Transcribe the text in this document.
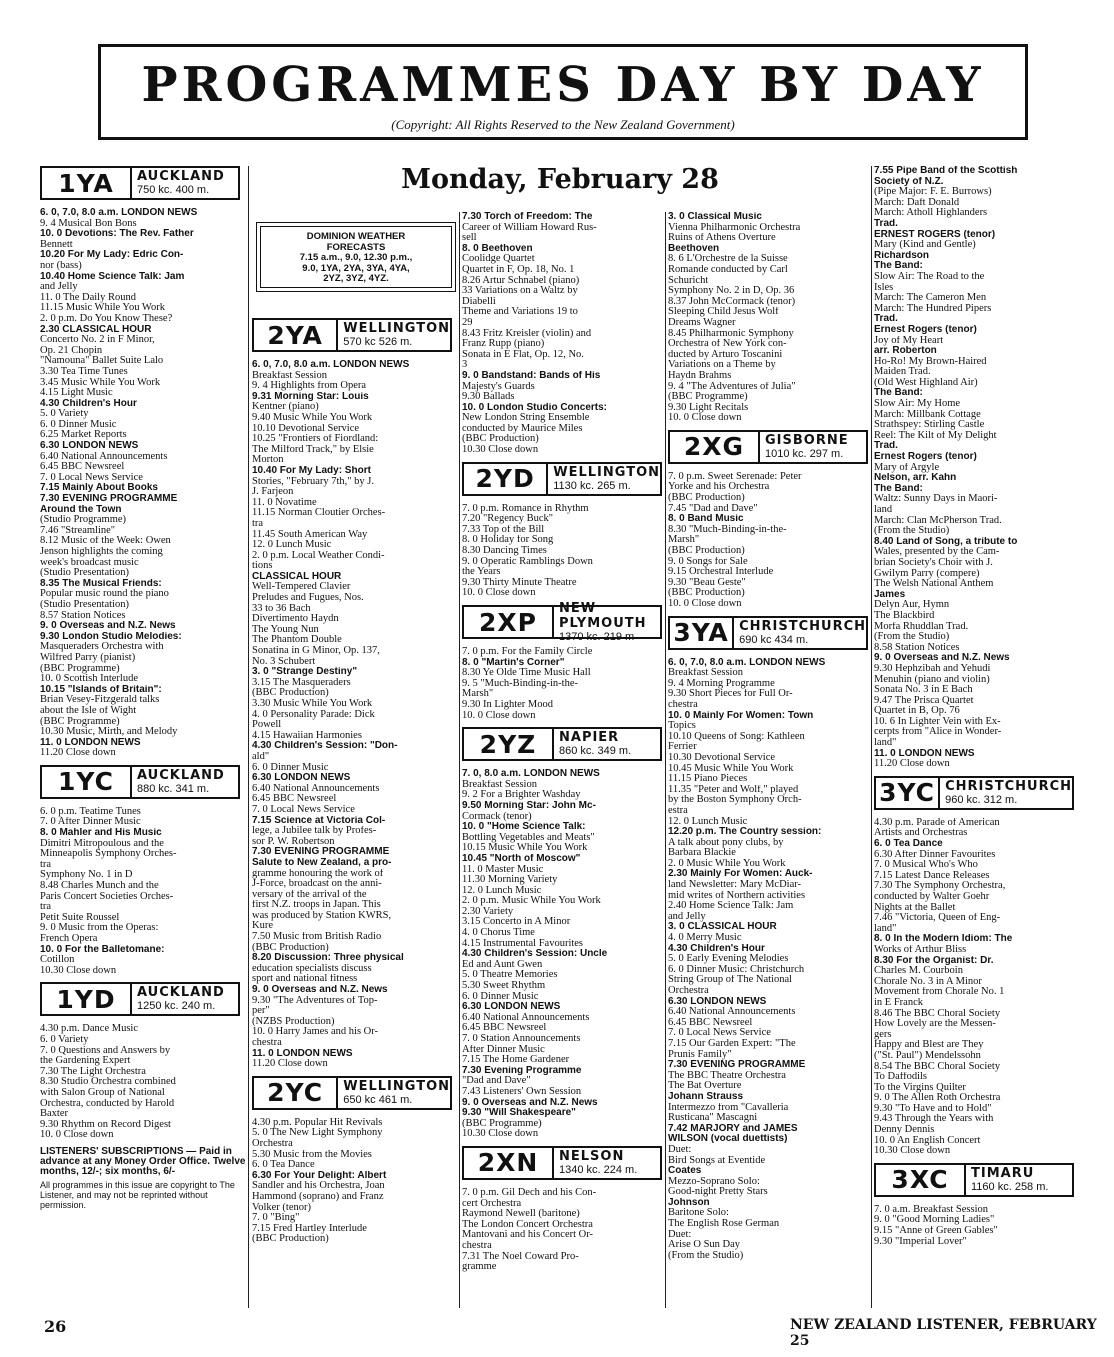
PROGRAMMES DAY BY DAY
(Copyright: All Rights Reserved to the New Zealand Government)
Monday, February 28
DOMINION WEATHER
FORECASTS
7.15 a.m., 9.0, 12.30 p.m.,
9.0, 1YA, 2YA, 3YA, 4YA,
2YZ, 3YZ, 4YZ.
1YA	AUCKLAND
750 kc. 400 m.
6. 0, 7.0, 8.0 a.m. LONDON NEWS
9. 4 Musical Bon Bons
10. 0 Devotions: The Rev. Father
Bennett
10.20 For My Lady: Edric Con-
nor (bass)
10.40 Home Science Talk: Jam
and Jelly
11. 0 The Daily Round
11.15 Music While You Work
2. 0 p.m. Do You Know These?
2.30 CLASSICAL HOUR
Concerto No. 2 in F Minor,
Op. 21 Chopin
"Namouna" Ballet Suite Lalo
3.30 Tea Time Tunes
3.45 Music While You Work
4.15 Light Music
4.30 Children's Hour
5. 0 Variety
6. 0 Dinner Music
6.25 Market Reports
6.30 LONDON NEWS
6.40 National Announcements
6.45 BBC Newsreel
7. 0 Local News Service
7.15 Mainly About Books
7.30 EVENING PROGRAMME
Around the Town
(Studio Programme)
7.46 "Streamline"
8.12 Music of the Week: Owen
Jenson highlights the coming
week's broadcast music
(Studio Presentation)
8.35 The Musical Friends:
Popular music round the piano
(Studio Presentation)
8.57 Station Notices
9. 0 Overseas and N.Z. News
9.30 London Studio Melodies:
Masqueraders Orchestra with
Wilfred Parry (pianist)
(BBC Programme)
10. 0 Scottish Interlude
10.15 "Islands of Britain":
Brian Vesey-Fitzgerald talks
about the Isle of Wight
(BBC Programme)
10.30 Music, Mirth, and Melody
11. 0 LONDON NEWS
11.20 Close down
1YC	AUCKLAND
880 kc. 341 m.
6. 0 p.m. Teatime Tunes
7. 0 After Dinner Music
8. 0 Mahler and His Music
Dimitri Mitropoulous and the
Minneapolis Symphony Orches-
tra
Symphony No. 1 in D
8.48 Charles Munch and the
Paris Concert Societies Orches-
tra
Petit Suite Roussel
9. 0 Music from the Operas:
French Opera
10. 0 For the Balletomane:
Cotillon
10.30 Close down
1YD	AUCKLAND
1250 kc. 240 m.
4.30 p.m. Dance Music
6. 0 Variety
7. 0 Questions and Answers by
the Gardening Expert
7.30 The Light Orchestra
8.30 Studio Orchestra combined
with Salon Group of National
Orchestra, conducted by Harold
Baxter
9.30 Rhythm on Record Digest
10. 0 Close down
LISTENERS' SUBSCRIPTIONS — Paid in advance at any Money Order Office. Twelve months, 12/-; six months, 6/-
All programmes in this issue are copyright to The Listener, and may not be reprinted without permission.
2YA	WELLINGTON
570 kc 526 m.
6. 0, 7.0, 8.0 a.m. LONDON NEWS
Breakfast Session
9. 4 Highlights from Opera
9.31 Morning Star: Louis
Kentner (piano)
9.40 Music While You Work
10.10 Devotional Service
10.25 "Frontiers of Fiordland:
The Milford Track," by Elsie
Morton
10.40 For My Lady: Short
Stories, "February 7th," by J.
J. Farjeon
11. 0 Novatime
11.15 Norman Cloutier Orches-
tra
11.45 South American Way
12. 0 Lunch Music
2. 0 p.m. Local Weather Condi-
tions
CLASSICAL HOUR
Well-Tempered Clavier
Preludes and Fugues, Nos.
33 to 36 Bach
Divertimento Haydn
The Young Nun
The Phantom Double
Sonatina in G Minor, Op. 137,
No. 3 Schubert
3. 0 "Strange Destiny"
3.15 The Masqueraders
(BBC Production)
3.30 Music While You Work
4. 0 Personality Parade: Dick
Powell
4.15 Hawaiian Harmonies
4.30 Children's Session: "Don-
ald"
6. 0 Dinner Music
6.30 LONDON NEWS
6.40 National Announcements
6.45 BBC Newsreel
7. 0 Local News Service
7.15 Science at Victoria Col-
lege, a Jubilee talk by Profes-
sor P. W. Robertson
7.30 EVENING PROGRAMME
Salute to New Zealand, a pro-
gramme honouring the work of
J-Force, broadcast on the anni-
versary of the arrival of the
first N.Z. troops in Japan. This
was produced by Station KWRS,
Kure
7.50 Music from British Radio
(BBC Production)
8.20 Discussion: Three physical
education specialists discuss
sport and national fitness
9. 0 Overseas and N.Z. News
9.30 "The Adventures of Top-
per"
(NZBS Production)
10. 0 Harry James and his Or-
chestra
11. 0 LONDON NEWS
11.20 Close down
2YC	WELLINGTON
650 kc 461 m.
4.30 p.m. Popular Hit Revivals
5. 0 The New Light Symphony
Orchestra
5.30 Music from the Movies
6. 0 Tea Dance
6.30 For Your Delight: Albert
Sandler and his Orchestra, Joan
Hammond (soprano) and Franz
Volker (tenor)
7. 0 "Bing"
7.15 Fred Hartley Interlude
(BBC Production)
7.30 Torch of Freedom: The
Career of William Howard Rus-
sell
8. 0 Beethoven
Coolidge Quartet
Quartet in F, Op. 18, No. 1
8.26 Artur Schnabel (piano)
33 Variations on a Waltz by
Diabelli
Theme and Variations 19 to
29
8.43 Fritz Kreisler (violin) and
Franz Rupp (piano)
Sonata in E Flat, Op. 12, No.
3
9. 0 Bandstand: Bands of His
Majesty's Guards
9.30 Ballads
10. 0 London Studio Concerts:
New London String Ensemble
conducted by Maurice Miles
(BBC Production)
10.30 Close down
2YD	WELLINGTON
1130 kc. 265 m.
7. 0 p.m. Romance in Rhythm
7.20 "Regency Buck"
7.33 Top of the Bill
8. 0 Holiday for Song
8.30 Dancing Times
9. 0 Operatic Ramblings Down
the Years
9.30 Thirty Minute Theatre
10. 0 Close down
2XP	NEW PLYMOUTH
1370 kc. 219 m
7. 0 p.m. For the Family Circle
8. 0 "Martin's Corner"
8.30 Ye Olde Time Music Hall
9. 5 "Much-Binding-in-the-
Marsh"
9.30 In Lighter Mood
10. 0 Close down
2YZ	NAPIER
860 kc. 349 m.
7. 0, 8.0 a.m. LONDON NEWS
Breakfast Session
9. 2 For a Brighter Washday
9.50 Morning Star: John Mc-
Cormack (tenor)
10. 0 "Home Science Talk:
Bottling Vegetables and Meats"
10.15 Music While You Work
10.45 "North of Moscow"
11. 0 Master Music
11.30 Morning Variety
12. 0 Lunch Music
2. 0 p.m. Music While You Work
2.30 Variety
3.15 Concerto in A Minor
4. 0 Chorus Time
4.15 Instrumental Favourites
4.30 Children's Session: Uncle
Ed and Aunt Gwen
5. 0 Theatre Memories
5.30 Sweet Rhythm
6. 0 Dinner Music
6.30 LONDON NEWS
6.40 National Announcements
6.45 BBC Newsreel
7. 0 Station Announcements
After Dinner Music
7.15 The Home Gardener
7.30 Evening Programme
"Dad and Dave"
7.43 Listeners' Own Session
9. 0 Overseas and N.Z. News
9.30 "Will Shakespeare"
(BBC Programme)
10.30 Close down
2XN	NELSON
1340 kc. 224 m.
7. 0 p.m. Gil Dech and his Con-
cert Orchestra
Raymond Newell (baritone)
The London Concert Orchestra
Mantovani and his Concert Or-
chestra
7.31 The Noel Coward Pro-
gramme
3. 0 Classical Music
Vienna Philharmonic Orchestra
Ruins of Athens Overture
Beethoven
8. 6 L'Orchestre de la Suisse
Romande conducted by Carl
Schuricht
Symphony No. 2 in D, Op. 36
8.37 John McCormack (tenor)
Sleeping Child Jesus Wolf
Dreams Wagner
8.45 Philharmonic Symphony
Orchestra of New York con-
ducted by Arturo Toscanini
Variations on a Theme by
Haydn Brahms
9. 4 "The Adventures of Julia"
(BBC Programme)
9.30 Light Recitals
10. 0 Close down
2XG	GISBORNE
1010 kc. 297 m.
7. 0 p.m. Sweet Serenade: Peter
Yorke and his Orchestra
(BBC Production)
7.45 "Dad and Dave"
8. 0 Band Music
8.30 "Much-Binding-in-the-
Marsh"
(BBC Production)
9. 0 Songs for Sale
9.15 Orchestral Interlude
9.30 "Beau Geste"
(BBC Production)
10. 0 Close down
3YA CHRISTCHURCH
690 kc 434 m.
6. 0, 7.0, 8.0 a.m. LONDON NEWS
Breakfast Session
9. 4 Morning Programme
9.30 Short Pieces for Full Or-
chestra
10. 0 Mainly For Women: Town
Topics
10.10 Queens of Song: Kathleen
Ferrier
10.30 Devotional Service
10.45 Music While You Work
11.15 Piano Pieces
11.35 "Peter and Wolf," played
by the Boston Symphony Orch-
estra
12. 0 Lunch Music
12.20 p.m. The Country session:
A talk about pony clubs, by
Barbara Blackie
2. 0 Music While You Work
2.30 Mainly For Women: Auck-
land Newsletter: Mary McDiar-
mid writes of Northern activities
2.40 Home Science Talk: Jam
and Jelly
3. 0 CLASSICAL HOUR
4. 0 Merry Music
4.30 Children's Hour
5. 0 Early Evening Melodies
6. 0 Dinner Music: Christchurch
String Group of The National
Orchestra
6.30 LONDON NEWS
6.40 National Announcements
6.45 BBC Newsreel
7. 0 Local News Service
7.15 Our Garden Expert: "The
Prunis Family"
7.30 EVENING PROGRAMME
The BBC Theatre Orchestra
The Bat Overture
Johann Strauss
Intermezzo from "Cavalleria
Rusticana" Mascagni
7.42 MARJORY and JAMES
WILSON (vocal duettists)
Duet:
Bird Songs at Eventide
Coates
Mezzo-Soprano Solo:
Good-night Pretty Stars
Johnson
Baritone Solo:
The English Rose German
Duet:
Arise O Sun Day
(From the Studio)
7.55 Pipe Band of the Scottish
Society of N.Z.
(Pipe Major: F. E. Burrows)
March: Daft Donald
March: Atholl Highlanders
Trad.
ERNEST ROGERS (tenor)
Mary (Kind and Gentle)
Richardson
The Band:
Slow Air: The Road to the
Isles
March: The Cameron Men
March: The Hundred Pipers
Trad.
Ernest Rogers (tenor)
Joy of My Heart
arr. Roberton
Ho-Ro! My Brown-Haired
Maiden Trad.
(Old West Highland Air)
The Band:
Slow Air: My Home
March: Millbank Cottage
Strathspey: Stirling Castle
Reel: The Kilt of My Delight
Trad.
Ernest Rogers (tenor)
Mary of Argyle
Nelson, arr. Kahn
The Band:
Waltz: Sunny Days in Maori-
land
March: Clan McPherson Trad.
(From the Studio)
8.40 Land of Song, a tribute to
Wales, presented by the Cam-
brian Society's Choir with J.
Gwilym Parry (compere)
The Welsh National Anthem
James
Delyn Aur, Hymn
The Blackbird
Morfa Rhuddlan Trad.
(From the Studio)
8.58 Station Notices
9. 0 Overseas and N.Z. News
9.30 Hephzibah and Yehudi
Menuhin (piano and violin)
Sonata No. 3 in E Bach
9.47 The Prisca Quartet
Quartet in B, Op. 76
10. 6 In Lighter Vein with Ex-
cerpts from "Alice in Wonder-
land"
11. 0 LONDON NEWS
11.20 Close down
3YC CHRISTCHURCH
960 kc. 312 m.
4.30 p.m. Parade of American
Artists and Orchestras
6. 0 Tea Dance
6.30 After Dinner Favourites
7. 0 Musical Who's Who
7.15 Latest Dance Releases
7.30 The Symphony Orchestra,
conducted by Walter Goehr
Nights at the Ballet
7.46 "Victoria, Queen of Eng-
land"
8. 0 In the Modern Idiom: The
Works of Arthur Bliss
8.30 For the Organist: Dr.
Charles M. Courboin
Chorale No. 3 in A Minor
Movement from Chorale No. 1
in E Franck
8.46 The BBC Choral Society
How Lovely are the Messen-
gers
Happy and Blest are They
("St. Paul") Mendelssohn
8.54 The BBC Choral Society
To Daffodils
To the Virgins Quilter
9. 0 The Allen Roth Orchestra
9.30 "To Have and to Hold"
9.43 Through the Years with
Denny Dennis
10. 0 An English Concert
10.30 Close down
3XC	TIMARU
1160 kc. 258 m.
7. 0 a.m. Breakfast Session
9. 0 "Good Morning Ladies"
9.15 "Anne of Green Gables"
9.30 "Imperial Lover"
26	NEW ZEALAND LISTENER, FEBRUARY 25
